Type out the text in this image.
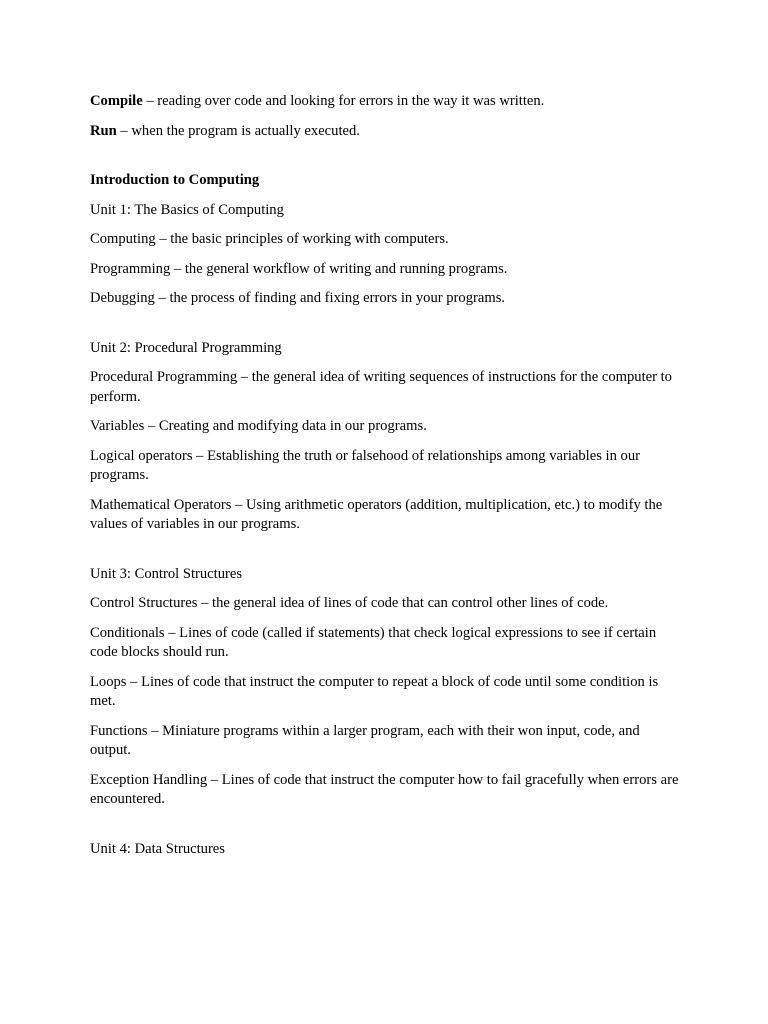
Compile – reading over code and looking for errors in the way it was written.

Run – when the program is actually executed.

Introduction to Computing

Unit 1: The Basics of Computing

Computing – the basic principles of working with computers.

Programming – the general workflow of writing and running programs.

Debugging – the process of finding and fixing errors in your programs.

Unit 2: Procedural Programming

Procedural Programming – the general idea of writing sequences of instructions for the computer to perform.

Variables – Creating and modifying data in our programs.

Logical operators – Establishing the truth or falsehood of relationships among variables in our programs.

Mathematical Operators – Using arithmetic operators (addition, multiplication, etc.) to modify the values of variables in our programs.

Unit 3: Control Structures

Control Structures – the general idea of lines of code that can control other lines of code.

Conditionals – Lines of code (called if statements) that check logical expressions to see if certain code blocks should run.

Loops – Lines of code that instruct the computer to repeat a block of code until some condition is met.

Functions – Miniature programs within a larger program, each with their won input, code, and output.

Exception Handling – Lines of code that instruct the computer how to fail gracefully when errors are encountered.

Unit 4: Data Structures
